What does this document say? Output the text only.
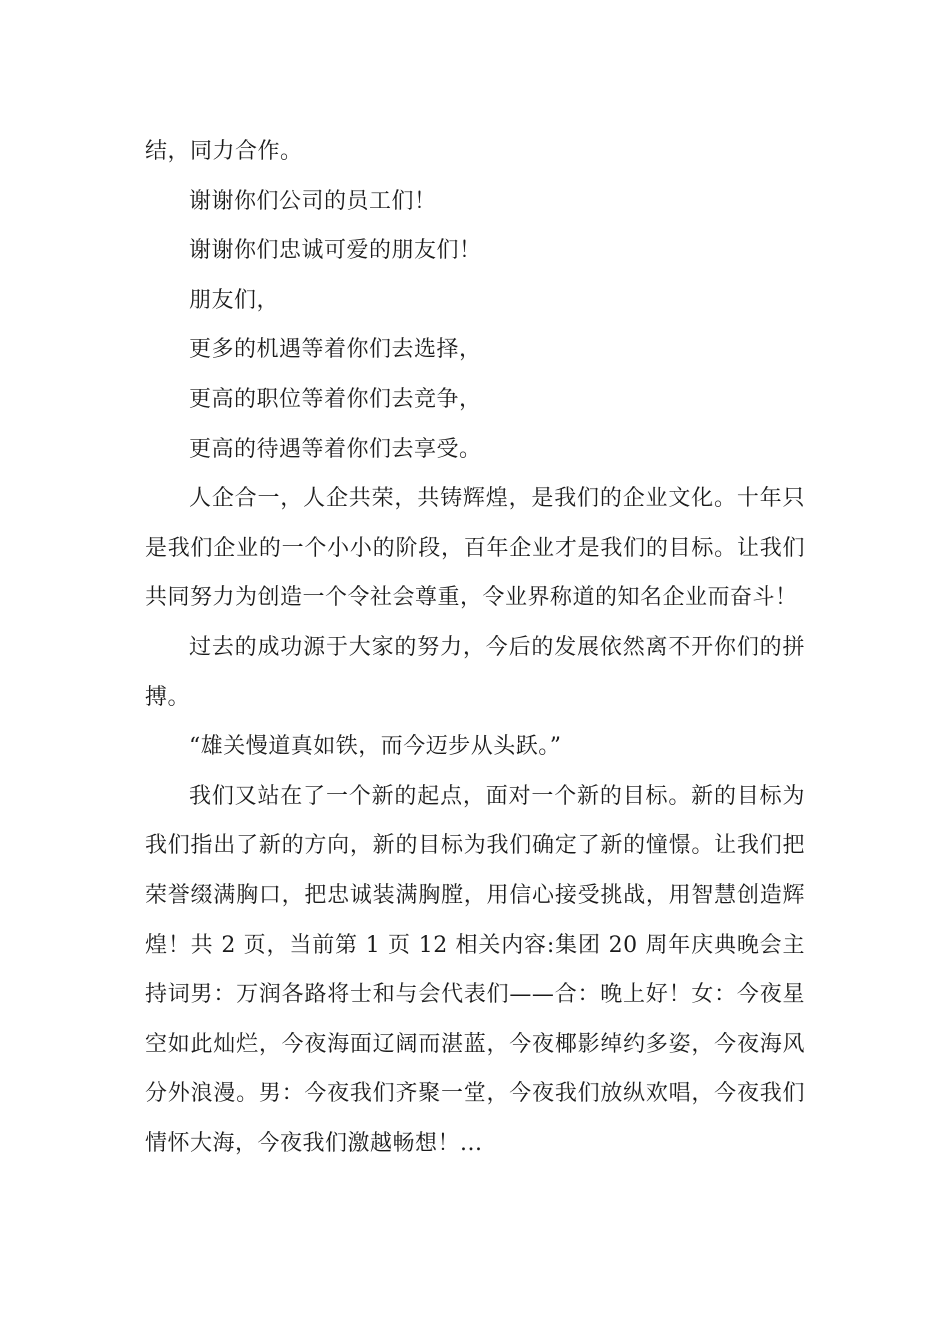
结，同力合作。

谢谢你们公司的员工们！

谢谢你们忠诚可爱的朋友们！

朋友们，

更多的机遇等着你们去选择，

更高的职位等着你们去竞争，

更高的待遇等着你们去享受。

人企合一，人企共荣，共铸辉煌，是我们的企业文化。十年只是我们企业的一个小小的阶段，百年企业才是我们的目标。让我们共同努力为创造一个令社会尊重，令业界称道的知名企业而奋斗！

过去的成功源于大家的努力，今后的发展依然离不开你们的拼搏。

“雄关慢道真如铁，而今迈步从头跃。”

我们又站在了一个新的起点，面对一个新的目标。新的目标为我们指出了新的方向，新的目标为我们确定了新的憧憬。让我们把荣誉缀满胸口，把忠诚装满胸膛，用信心接受挑战，用智慧创造辉煌！共 2 页，当前第 1 页 12 相关内容:集团 20 周年庆典晚会主持词男：万润各路将士和与会代表们——合：晚上好！女：今夜星空如此灿烂，今夜海面辽阔而湛蓝，今夜椰影绰约多姿，今夜海风分外浪漫。男：今夜我们齐聚一堂，今夜我们放纵欢唱，今夜我们情怀大海，今夜我们激越畅想！...
